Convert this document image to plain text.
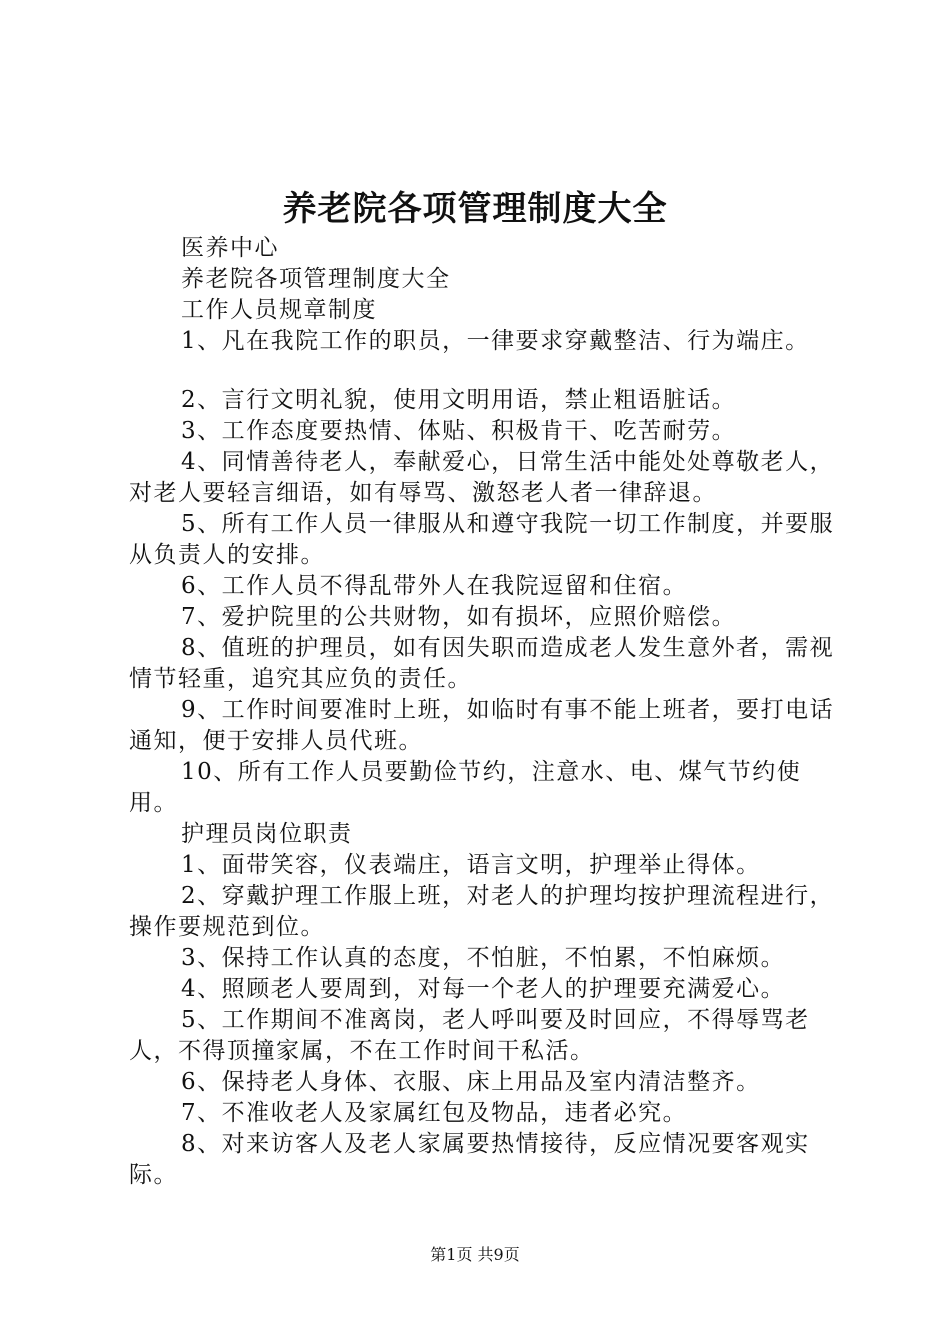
养老院各项管理制度大全

医养中心

养老院各项管理制度大全

工作人员规章制度

1、凡在我院工作的职员，一律要求穿戴整洁、行为端庄。

2、言行文明礼貌，使用文明用语，禁止粗语脏话。

3、工作态度要热情、体贴、积极肯干、吃苦耐劳。

4、同情善待老人，奉献爱心，日常生活中能处处尊敬老人，对老人要轻言细语，如有辱骂、激怒老人者一律辞退。

5、所有工作人员一律服从和遵守我院一切工作制度，并要服从负责人的安排。

6、工作人员不得乱带外人在我院逗留和住宿。

7、爱护院里的公共财物，如有损坏，应照价赔偿。

8、值班的护理员，如有因失职而造成老人发生意外者，需视情节轻重，追究其应负的责任。

9、工作时间要准时上班，如临时有事不能上班者，要打电话通知，便于安排人员代班。

10、所有工作人员要勤俭节约，注意水、电、煤气节约使用。

护理员岗位职责

1、面带笑容，仪表端庄，语言文明，护理举止得体。

2、穿戴护理工作服上班，对老人的护理均按护理流程进行，操作要规范到位。

3、保持工作认真的态度，不怕脏，不怕累，不怕麻烦。

4、照顾老人要周到，对每一个老人的护理要充满爱心。

5、工作期间不准离岗，老人呼叫要及时回应，不得辱骂老人，不得顶撞家属，不在工作时间干私活。

6、保持老人身体、衣服、床上用品及室内清洁整齐。

7、不准收老人及家属红包及物品，违者必究。

8、对来访客人及老人家属要热情接待，反应情况要客观实际。

第1页 共9页
